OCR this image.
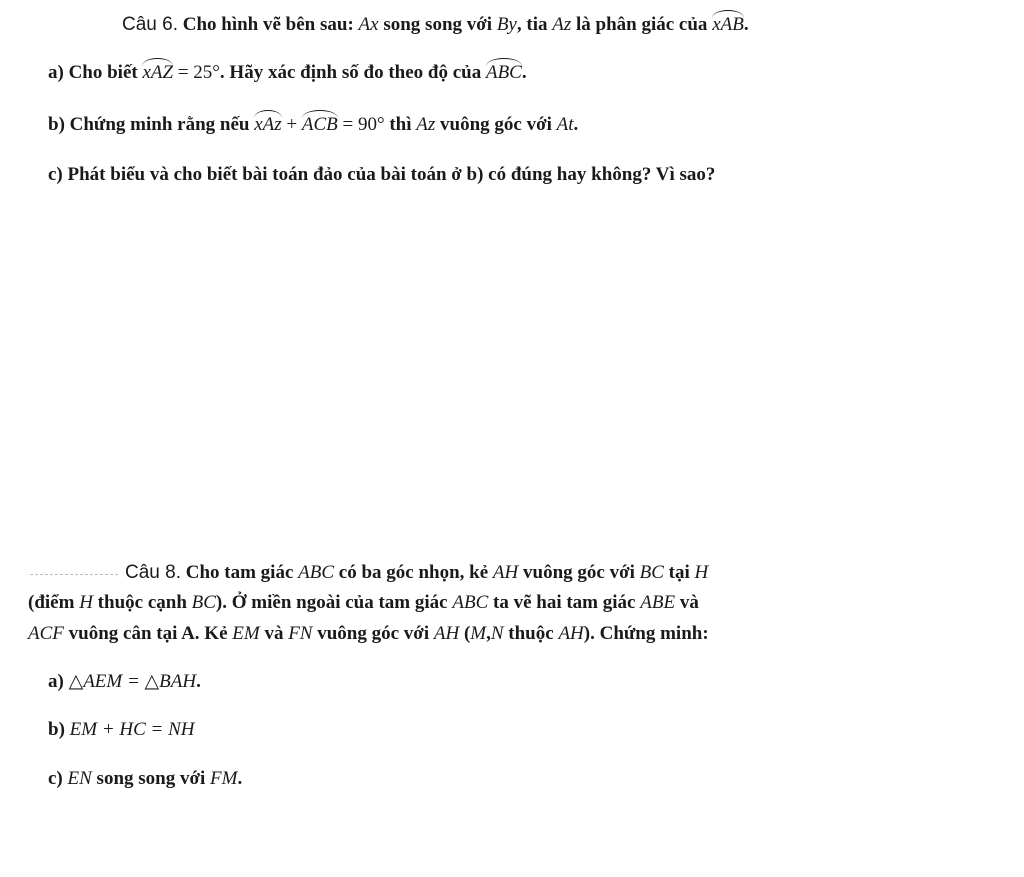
Câu 6. Cho hình vẽ bên sau: Ax song song với By, tia Az là phân giác của xAB.
a) Cho biết xAZ = 25°. Hãy xác định số đo theo độ của ABC.
b) Chứng minh rằng nếu xAz + ACB = 90° thì Az vuông góc với At.
c) Phát biểu và cho biết bài toán đảo của bài toán ở b) có đúng hay không? Vì sao?
Câu 8. Cho tam giác ABC có ba góc nhọn, kẻ AH vuông góc với BC tại H
(điểm H thuộc cạnh BC). Ở miền ngoài của tam giác ABC ta vẽ hai tam giác ABE và
ACF vuông cân tại A. Kẻ EM và FN vuông góc với AH (M,N thuộc AH). Chứng minh:
a) △AEM = △BAH.
b) EM + HC = NH
c) EN song song với FM.
